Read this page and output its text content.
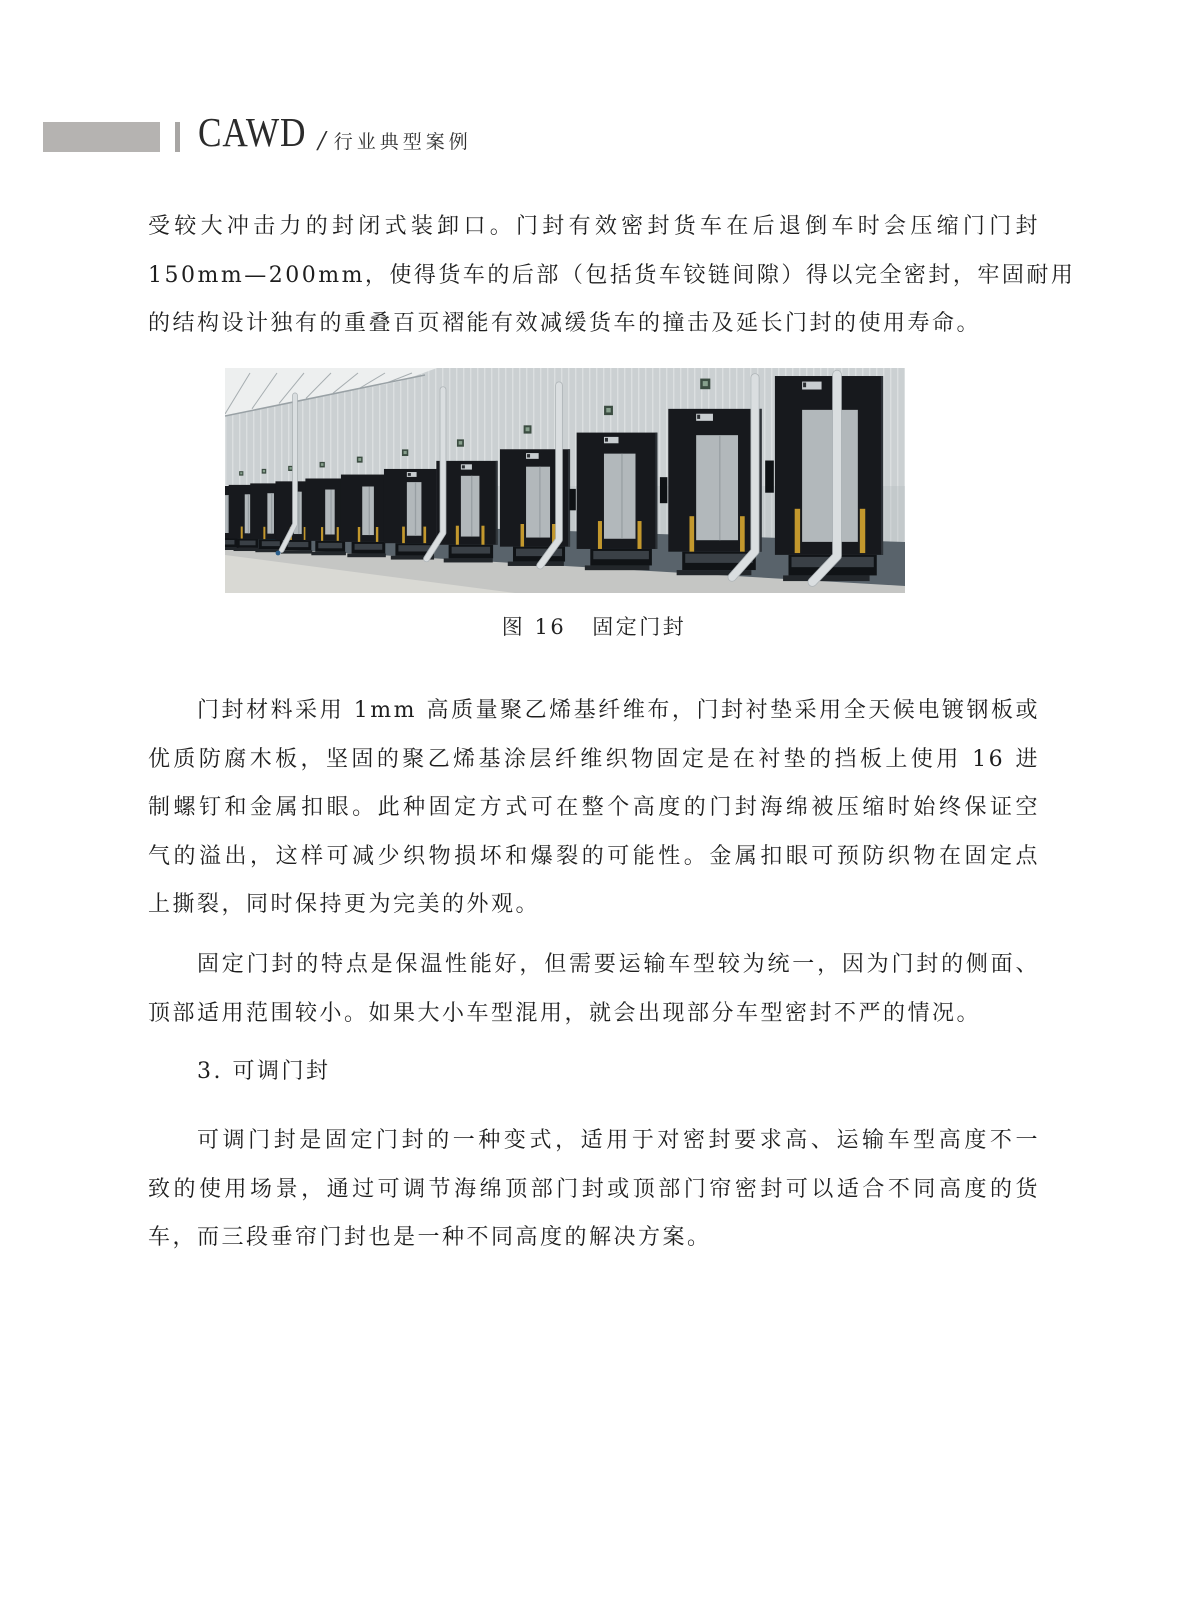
CAWD / 行业典型案例
受较大冲击力的封闭式装卸口。门封有效密封货车在后退倒车时会压缩门门封
150mm—200mm，使得货车的后部（包括货车铰链间隙）得以完全密封，牢固耐用
的结构设计独有的重叠百页褶能有效减缓货车的撞击及延长门封的使用寿命。
图 16 固定门封
门封材料采用 1mm 高质量聚乙烯基纤维布，门封衬垫采用全天候电镀钢板或
优质防腐木板，坚固的聚乙烯基涂层纤维织物固定是在衬垫的挡板上使用 16 进
制螺钉和金属扣眼。此种固定方式可在整个高度的门封海绵被压缩时始终保证空
气的溢出，这样可减少织物损坏和爆裂的可能性。金属扣眼可预防织物在固定点
上撕裂，同时保持更为完美的外观。
固定门封的特点是保温性能好，但需要运输车型较为统一，因为门封的侧面、
顶部适用范围较小。如果大小车型混用，就会出现部分车型密封不严的情况。
3. 可调门封
可调门封是固定门封的一种变式，适用于对密封要求高、运输车型高度不一
致的使用场景，通过可调节海绵顶部门封或顶部门帘密封可以适合不同高度的货
车，而三段垂帘门封也是一种不同高度的解决方案。
